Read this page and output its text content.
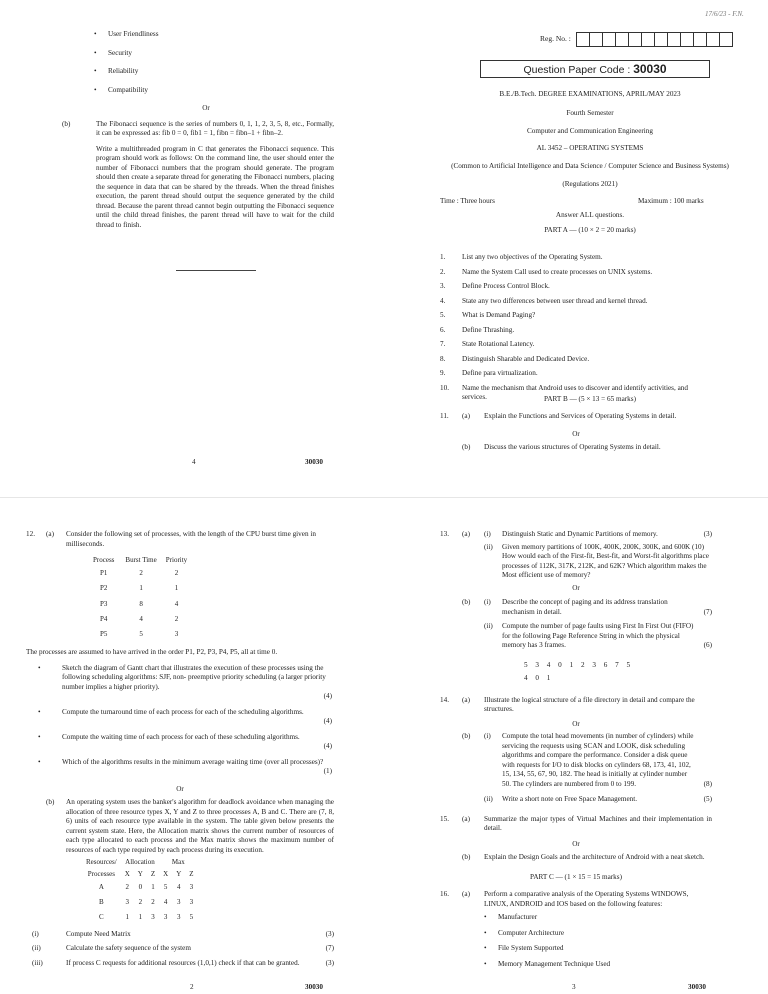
• User Friendliness
• Security
• Reliability
• Compatibility
Or
(b)	The Fibonacci sequence is the series of numbers 0, 1, 1, 2, 3, 5, 8, etc., Formally, it can be expressed as: fib 0 = 0, fib1 = 1, fibn = fibn–1 + fibn–2.
Write a multithreaded program in C that generates the Fibonacci sequence. This program should work as follows: On the command line, the user should enter the number of Fibonacci numbers that the program should generate. The program should then create a separate thread for generating the Fibonacci numbers, placing the sequence in data that can be shared by the threads. When the thread finishes execution, the parent thread should output the sequence generated by the child thread. Because the parent thread cannot begin outputting the Fibonacci sequence until the child thread finishes, the parent thread will have to wait for the child thread to finish.
4	30030
17/6/23 - F.N.
Reg. No. :
Question Paper Code : 30030
B.E./B.Tech. DEGREE EXAMINATIONS, APRIL/MAY 2023
Fourth Semester
Computer and Communication Engineering
AL 3452 – OPERATING SYSTEMS
(Common to Artificial Intelligence and Data Science / Computer Science and Business Systems)
(Regulations 2021)
Time : Three hours	Maximum : 100 marks
Answer ALL questions.
PART A — (10 × 2 = 20 marks)
1. List any two objectives of the Operating System.
2. Name the System Call used to create processes on UNIX systems.
3. Define Process Control Block.
4. State any two differences between user thread and kernel thread.
5. What is Demand Paging?
6. Define Thrashing.
7. State Rotational Latency.
8. Distinguish Sharable and Dedicated Device.
9. Define para virtualization.
10. Name the mechanism that Android uses to discover and identify activities, and services.	PART B — (5 × 13 = 65 marks)
11. (a) Explain the Functions and Services of Operating Systems in detail.
Or
(b) Discuss the various structures of Operating Systems in detail.
12. (a) Consider the following set of processes, with the length of the CPU burst time given in milliseconds.
Process	Burst Time	Priority
P1	2	2
P2	1	1
P3	8	4
P4	4	2
P5	5	3
The processes are assumed to have arrived in the order P1, P2, P3, P4, P5, all at time 0.
• Sketch the diagram of Gantt chart that illustrates the execution of these processes using the following scheduling algorithms: SJF, non- preemptive priority scheduling (a larger priority number implies a higher priority).
(4)
• Compute the turnaround time of each process for each of the scheduling algorithms.
(4)
• Compute the waiting time of each process for each of these scheduling algorithms.
(4)
• Which of the algorithms results in the minimum average waiting time (over all processes)?
(1)
Or
(b) An operating system uses the banker's algorithm for deadlock avoidance when managing the allocation of three resource types X, Y and Z to three processes A, B and C. There are (7, 8, 6) units of each resource type available in the system. The table given below presents the current system state. Here, the Allocation matrix shows the current number of resources of each type allocated to each process and the Max matrix shows the maximum number of resources of each type required by each process during its execution.
Resources/	Allocation			Max		
Processes	X	Y	Z	X	Y	Z
A	2	0	1	5	4	3
B	3	2	2	4	3	3
C	1	1	3	3	3	5
(i)	Compute Need Matrix	(3)
(ii)	Calculate the safety sequence of the system	(7)
(iii)	If process C requests for additional resources (1,0,1) check if that can be granted.	(3)
2	30030
13. (a) (i) Distinguish Static and Dynamic Partitions of memory.	(3)
(ii) Given memory partitions of 100K, 400K, 200K, 300K, and 600K (10) How would each of the First-fit, Best-fit, and Worst-fit algorithms place processes of 112K, 317K, 212K, and 62K? Which algorithm makes the Most efficient use of memory?
Or
(b) (i) Describe the concept of paging and its address translation mechanism in detail.	(7)
(ii) Compute the number of page faults using First In First Out (FIFO) for the following Page Reference String in which the physical memory has 3 frames.	(6)
5 3 4 0 1 2 3 6 7 5
4 0 1
14. (a) Illustrate the logical structure of a file directory in detail and compare the structures.
Or
(b) (i) Compute the total head movements (in number of cylinders) while servicing the requests using SCAN and LOOK, disk scheduling algorithms and compare the performance. Consider a disk queue with requests for I/O to disk blocks on cylinders 68, 173, 41, 102, 15, 134, 55, 67, 90, 182. The head is initially at cylinder number 50. The cylinders are numbered from 0 to 199.	(8)
(ii) Write a short note on Free Space Management.	(5)
15. (a) Summarize the major types of Virtual Machines and their implementation in detail.
Or
(b) Explain the Design Goals and the architecture of Android with a neat sketch.
PART C — (1 × 15 = 15 marks)
16. (a) Perform a comparative analysis of the Operating Systems WINDOWS, LINUX, ANDROID and IOS based on the following features:
• Manufacturer
• Computer Architecture
• File System Supported
• Memory Management Technique Used
3	30030
